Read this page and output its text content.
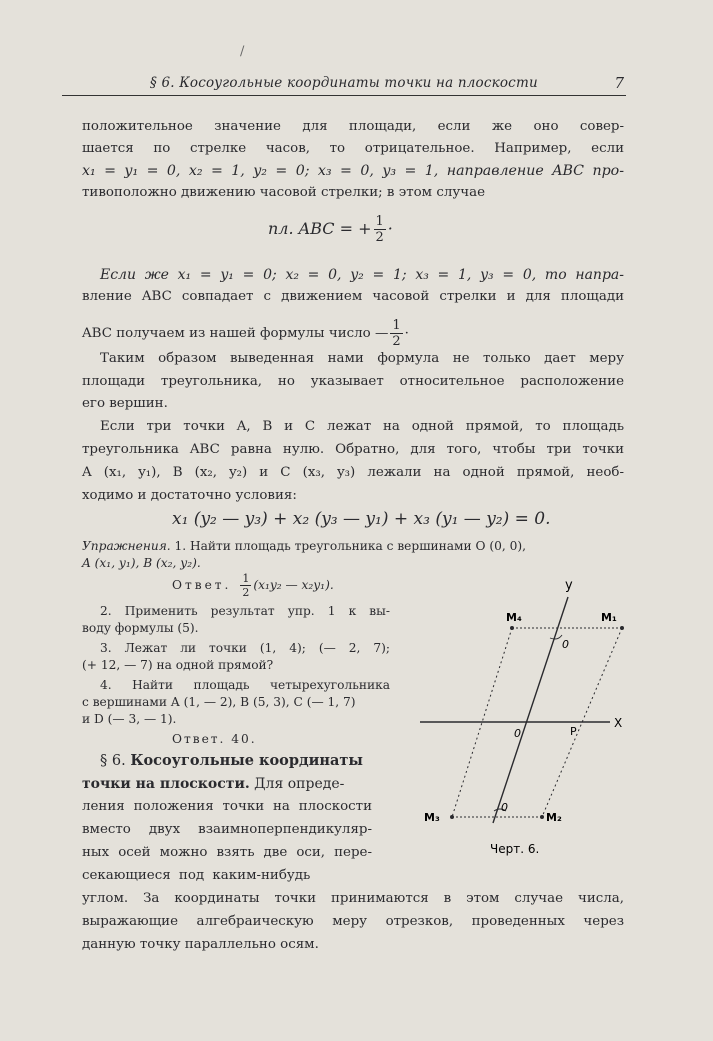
/
§ 6. Косоугольные координаты точки на плоскости	7
положительное значение для площади, если же оно совер-
шается по стрелке часов, то отрицательное. Например, если
x₁ = y₁ = 0, x₂ = 1, y₂ = 0; x₃ = 0, y₃ = 1, направление ABC про-
тивоположно движению часовой стрелки; в этом случае
пл. ABC = + $\frac{1}{2}$ ·
Если же x₁ = y₁ = 0; x₂ = 0, y₂ = 1; x₃ = 1, y₃ = 0, то напра-
вление ABC совпадает с движением часовой стрелки и для площади
ABC получаем из нашей формулы число — $\frac{1}{2}$ ·
Таким образом выведенная нами формула не только дает меру
площади треугольника, но указывает относительное расположение
его вершин.
Если три точки A, B и C лежат на одной прямой, то площадь
треугольника ABC равна нулю. Обратно, для того, чтобы три точки
A (x₁, y₁), B (x₂, y₂) и C (x₃, y₃) лежали на одной прямой, необ-
ходимо и достаточно условия:
x₁ (y₂ — y₃) + x₂ (y₃ — y₁) + x₃ (y₁ — y₂) = 0.
Упражнения. 1. Найти площадь треугольника с вершинами O (0, 0),
A (x₁, y₁), B (x₂, y₂).
Ответ. $\frac{1}{2} (x_1y_2$ — x₂y₁).
2. Применить результат упр. 1 к вы-
воду формулы (5).
3. Лежат ли точки (1, 4); (— 2, 7);
(+ 12, — 7) на одной прямой?
4. Найти площадь четырехугольника
с вершинами A (1, — 2), B (5, 3), C (— 1, 7)
и D (— 3, — 1).
Ответ. 40.
§ 6. Косоугольные координаты
точки на плоскости. Для опреде-
ления положения точки на плоскости
вместо двух взаимноперпендикуляр-
ных осей можно взять две оси, пере-
секающиеся под каким-нибудь
углом. За координаты точки принимаются в этом случае числа,
выражающие алгебраическую меру отрезков, проведенных через
данную точку параллельно осям.
y
X
0	P
M₄	M₁
M₃	M₂
0
0
Черт. 6.
